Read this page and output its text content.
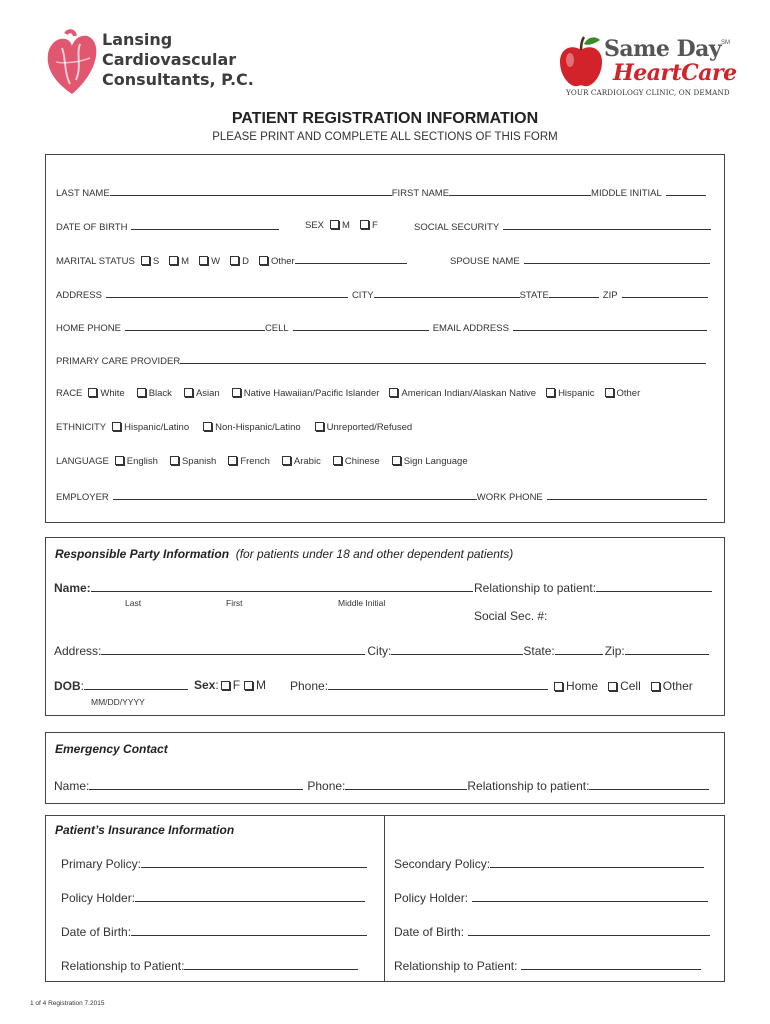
Lansing
Cardiovascular
Consultants, P.C.
Same Day
HeartCare
SM
YOUR CARDIOLOGY CLINIC, ON DEMAND
PATIENT REGISTRATION INFORMATION
PLEASE PRINT AND COMPLETE ALL SECTIONS OF THIS FORM
LAST NAME	FIRST NAME	MIDDLE INITIAL
DATE OF BIRTH	SEX M F	SOCIAL SECURITY
MARITAL STATUS S M W D Other	SPOUSE NAME
ADDRESS	CITY	STATE	ZIP
HOME PHONE	CELL	EMAIL ADDRESS
PRIMARY CARE PROVIDER
RACE White	Black	Asian	Native Hawaiian/Pacific Islander American Indian/Alaskan Native Hispanic Other
ETHNICITY Hispanic/Latino	Non-Hispanic/Latino	Unreported/Refused
LANGUAGE English	Spanish	French	Arabic	Chinese	Sign Language
EMPLOYER	WORK PHONE
Responsible Party Information (for patients under 18 and other dependent patients)
Name:
Last	First	Middle Initial
Relationship to patient:
Social Sec. #:
Address:	City:	State:	Zip:
DOB:
MM/DD/YYYY
Sex: F M Phone:	Home Cell Other
Emergency Contact
Name:	Phone:	Relationship to patient:
Patient’s Insurance Information
Primary Policy:	Secondary Policy:
Policy Holder:	Policy Holder:
Date of Birth:	Date of Birth:
Relationship to Patient:	Relationship to Patient:
1 of 4 Registration 7.2015
